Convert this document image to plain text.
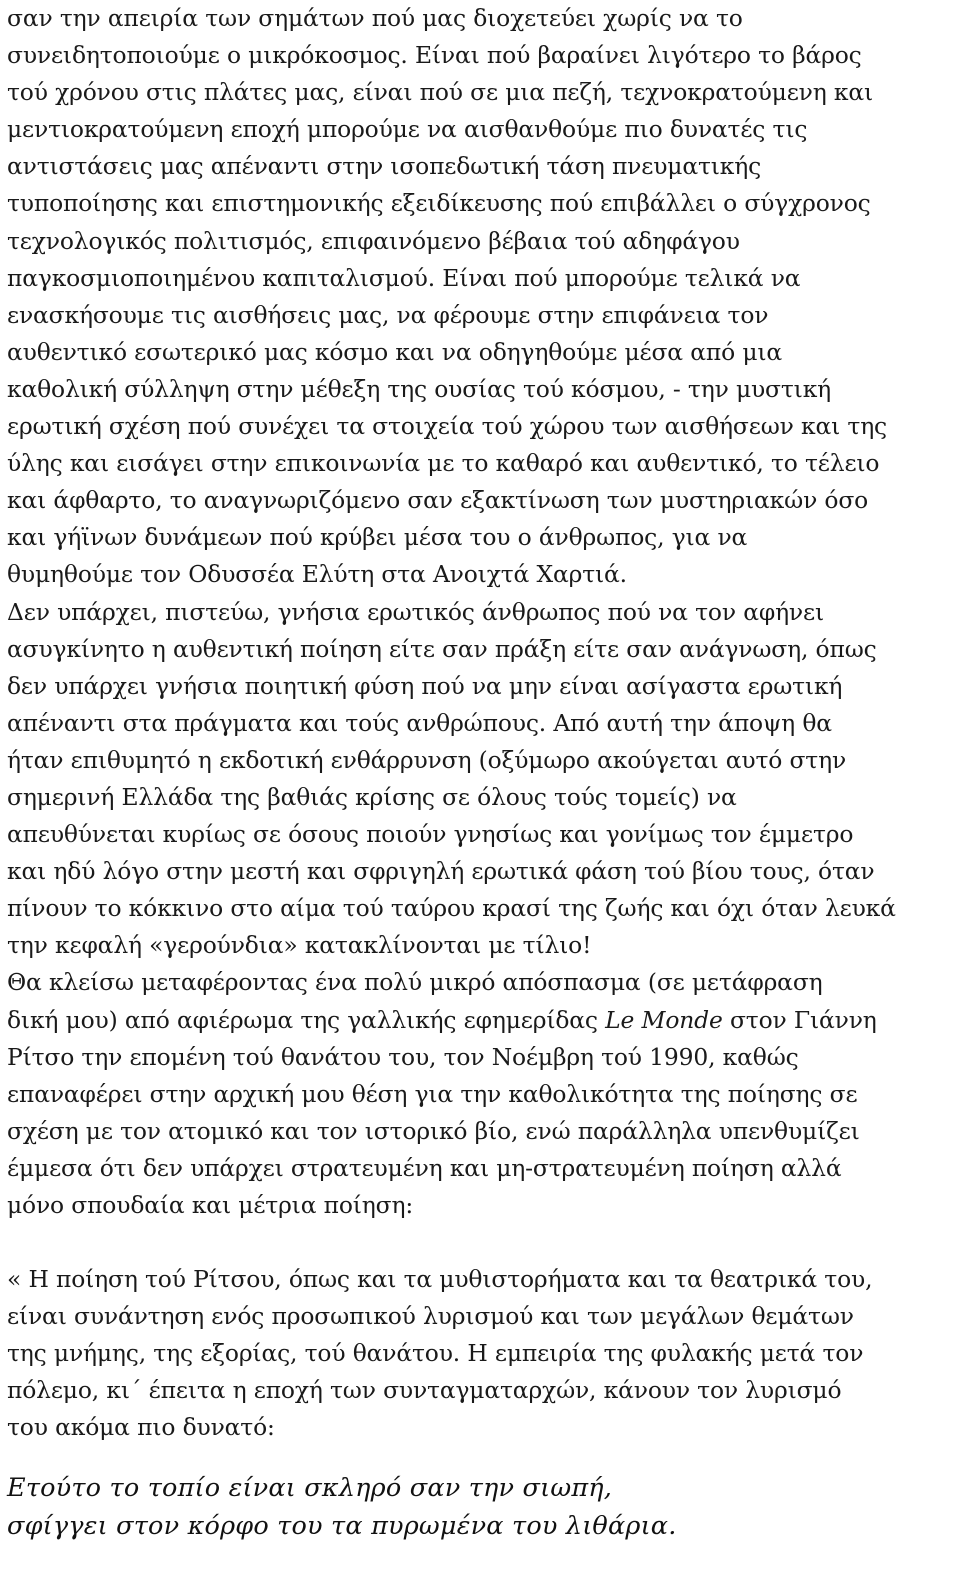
σαν την απειρία των σημάτων πού μας διοχετεύει χωρίς να το
συνειδητοποιούμε ο μικρόκοσμος. Είναι πού βαραίνει λιγότερο το βάρος
τού χρόνου στις πλάτες μας, είναι πού σε μια πεζή, τεχνοκρατούμενη και
μεντιοκρατούμενη εποχή μπορούμε να αισθανθούμε πιο δυνατές τις
αντιστάσεις μας απέναντι στην ισοπεδωτική τάση πνευματικής
τυποποίησης και επιστημονικής εξειδίκευσης πού επιβάλλει ο σύγχρονος
τεχνολογικός πολιτισμός, επιφαινόμενο βέβαια τού αδηφάγου
παγκοσμιοποιημένου καπιταλισμού. Είναι πού μπορούμε τελικά να
ενασκήσουμε τις αισθήσεις μας, να φέρουμε στην επιφάνεια τον
αυθεντικό εσωτερικό μας κόσμο και να οδηγηθούμε μέσα από μια
καθολική σύλληψη στην μέθεξη της ουσίας τού κόσμου, - την μυστική
ερωτική σχέση πού συνέχει τα στοιχεία τού χώρου των αισθήσεων και της
ύλης και εισάγει στην επικοινωνία με το καθαρό και αυθεντικό, το τέλειο
και άφθαρτο, το αναγνωριζόμενο σαν εξακτίνωση των μυστηριακών όσο
και γήϊνων δυνάμεων πού κρύβει μέσα του ο άνθρωπος, για να
θυμηθούμε τον Οδυσσέα Ελύτη στα Ανοιχτά Χαρτιά.
Δεν υπάρχει, πιστεύω, γνήσια ερωτικός άνθρωπος πού να τον αφήνει
ασυγκίνητο η αυθεντική ποίηση είτε σαν πράξη είτε σαν ανάγνωση, όπως
δεν υπάρχει γνήσια ποιητική φύση πού να μην είναι ασίγαστα ερωτική
απέναντι στα πράγματα και τούς ανθρώπους. Από αυτή την άποψη θα
ήταν επιθυμητό η εκδοτική ενθάρρυνση (οξύμωρο ακούγεται αυτό στην
σημερινή Ελλάδα της βαθιάς κρίσης σε όλους τούς τομείς) να
απευθύνεται κυρίως σε όσους ποιούν γνησίως και γονίμως τον έμμετρο
και ηδύ λόγο στην μεστή και σφριγηλή ερωτικά φάση τού βίου τους, όταν
πίνουν το κόκκινο στο αίμα τού ταύρου κρασί της ζωής και όχι όταν λευκά
την κεφαλή «γερούνδια» κατακλίνονται με τίλιο!
Θα κλείσω μεταφέροντας ένα πολύ μικρό απόσπασμα (σε μετάφραση
δική μου) από αφιέρωμα της γαλλικής εφημερίδας Le Monde στον Γιάννη
Ρίτσο την επομένη τού θανάτου του, τον Νοέμβρη τού 1990, καθώς
επαναφέρει στην αρχική μου θέση για την καθολικότητα της ποίησης σε
σχέση με τον ατομικό και τον ιστορικό βίο, ενώ παράλληλα υπενθυμίζει
έμμεσα ότι δεν υπάρχει στρατευμένη και μη-στρατευμένη ποίηση αλλά
μόνο σπουδαία και μέτρια ποίηση:
« Η ποίηση τού Ρίτσου, όπως και τα μυθιστορήματα και τα θεατρικά του,
είναι συνάντηση ενός προσωπικού λυρισμού και των μεγάλων θεμάτων
της μνήμης, της εξορίας, τού θανάτου. Η εμπειρία της φυλακής μετά τον
πόλεμο, κι΄ έπειτα η εποχή των συνταγματαρχών, κάνουν τον λυρισμό
του ακόμα πιο δυνατό:
Ετούτο το τοπίο είναι σκληρό σαν την σιωπή,
σφίγγει στον κόρφο του τα πυρωμένα του λιθάρια.
